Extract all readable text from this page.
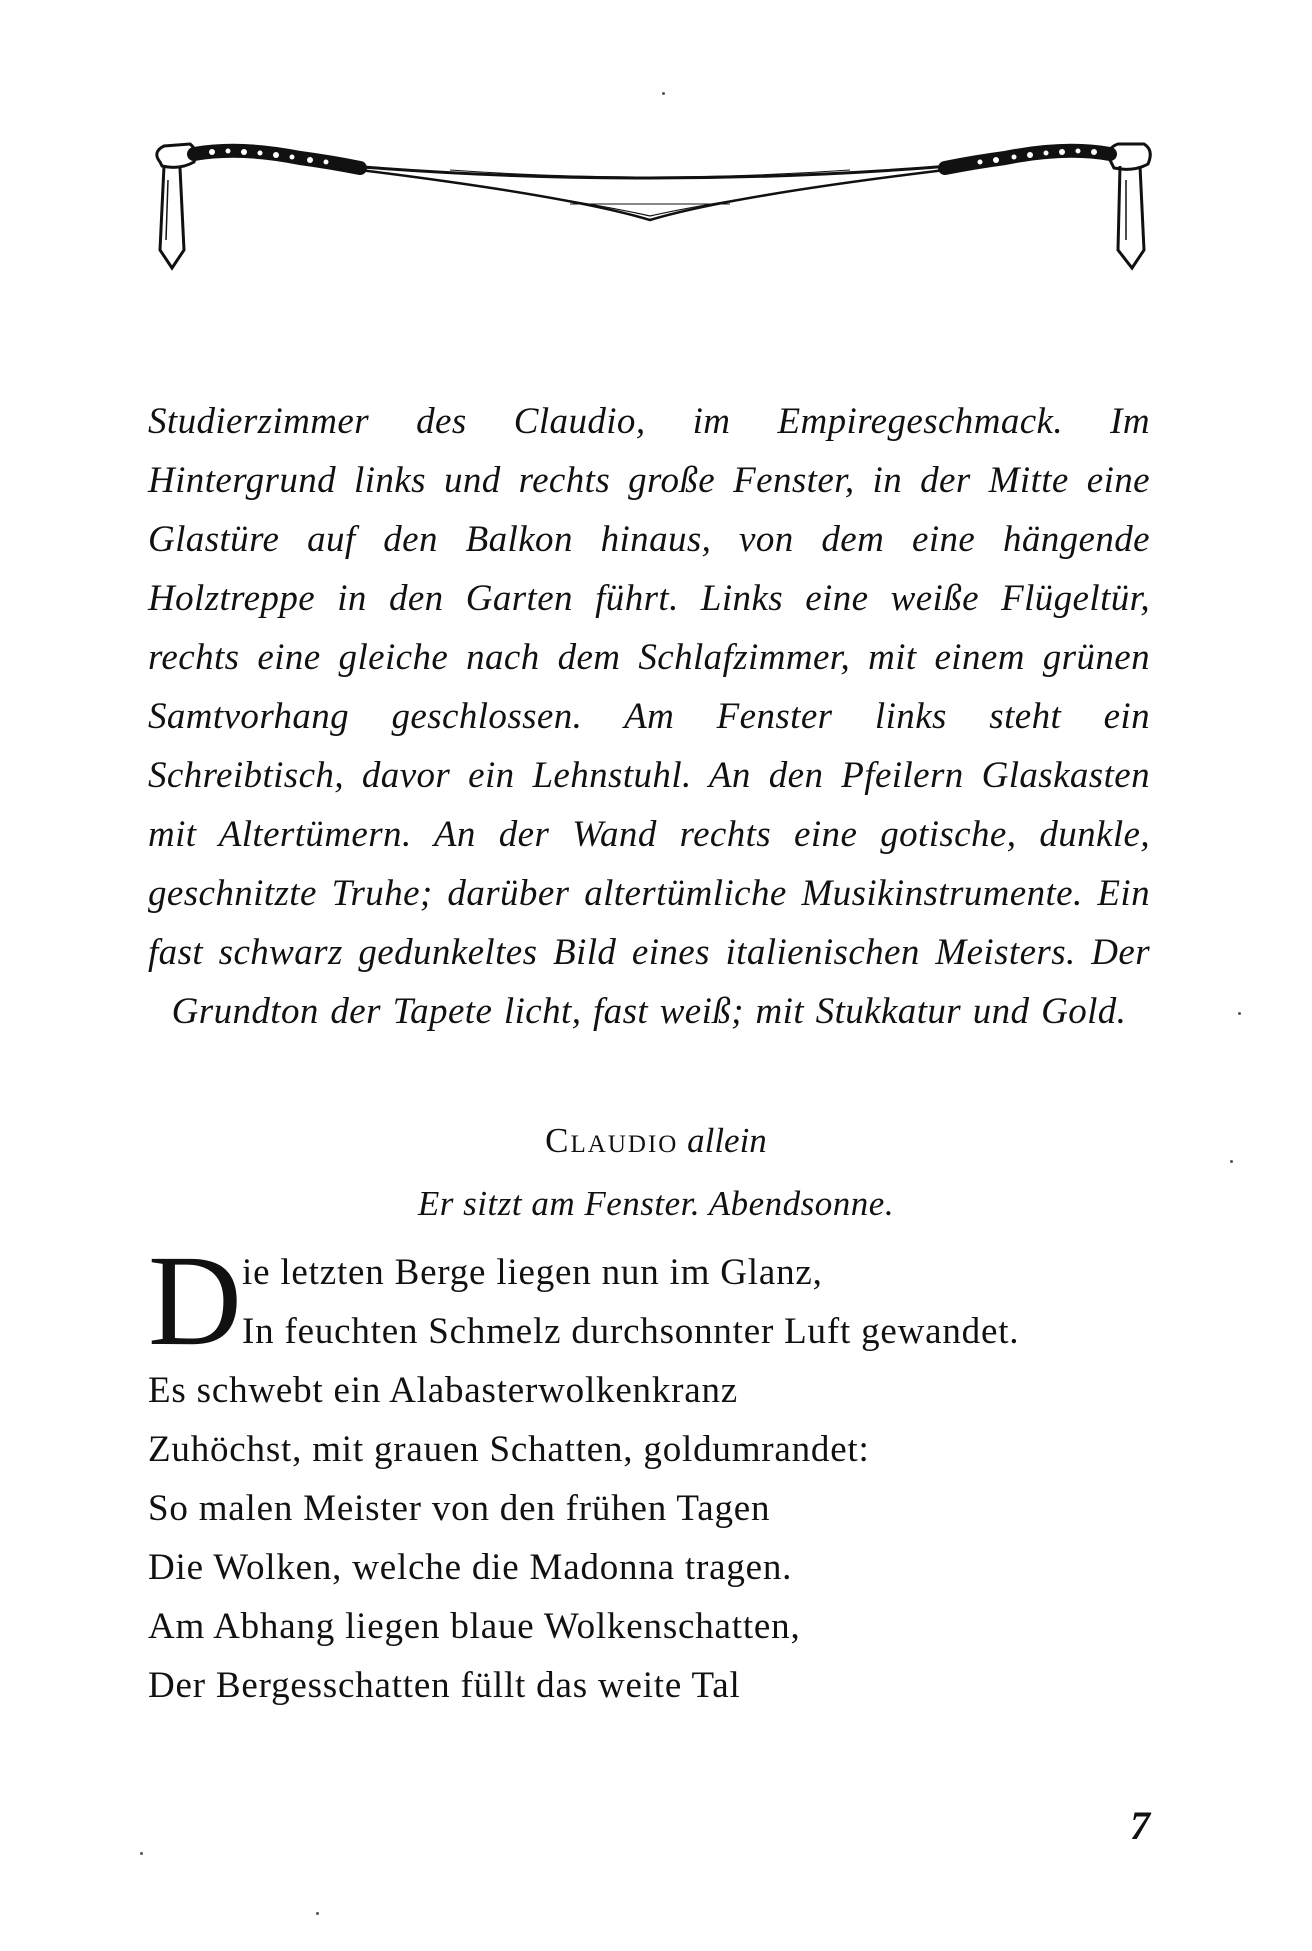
Studierzimmer des Claudio, im Empiregeschmack. Im Hintergrund links und rechts große Fenster, in der Mitte eine Glastüre auf den Balkon hinaus, von dem eine hängende Holztreppe in den Garten führt. Links eine weiße Flügeltür, rechts eine gleiche nach dem Schlafzimmer, mit einem grünen Samtvorhang geschlossen. Am Fenster links steht ein Schreibtisch, davor ein Lehnstuhl. An den Pfeilern Glaskasten mit Altertümern. An der Wand rechts eine gotische, dunkle, geschnitzte Truhe; darüber altertümliche Musikinstrumente. Ein fast schwarz gedunkeltes Bild eines italienischen Meisters. Der Grundton der Tapete licht, fast weiß; mit Stukkatur und Gold.
Claudio allein
Er sitzt am Fenster. Abendsonne.
D ie letzten Berge liegen nun im Glanz,
In feuchten Schmelz durchsonnter Luft gewandet.
Es schwebt ein Alabasterwolkenkranz
Zuhöchst, mit grauen Schatten, goldumrandet:
So malen Meister von den frühen Tagen
Die Wolken, welche die Madonna tragen.
Am Abhang liegen blaue Wolkenschatten,
Der Bergesschatten füllt das weite Tal
7
